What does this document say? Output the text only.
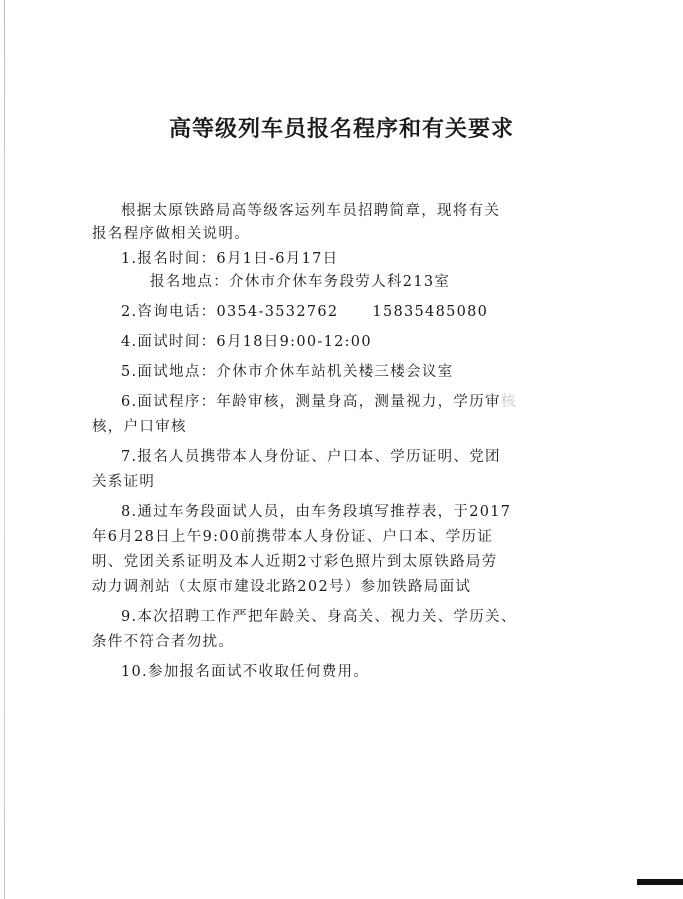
高等级列车员报名程序和有关要求
根据太原铁路局高等级客运列车员招聘简章，现将有关
报名程序做相关说明。
1.报名时间：6月1日-6月17日
报名地点：介休市介休车务段劳人科213室
2.咨询电话：0354-3532762 15835485080
4.面试时间：6月18日9:00-12:00
5.面试地点：介休市介休车站机关楼三楼会议室
6.面试程序：年龄审核，测量身高，测量视力，学历审核
核，户口审核
7.报名人员携带本人身份证、户口本、学历证明、党团
关系证明
8.通过车务段面试人员，由车务段填写推荐表，于2017
年6月28日上午9:00前携带本人身份证、户口本、学历证
明、党团关系证明及本人近期2寸彩色照片到太原铁路局劳
动力调剂站（太原市建设北路202号）参加铁路局面试
9.本次招聘工作严把年龄关、身高关、视力关、学历关、
条件不符合者勿扰。
10.参加报名面试不收取任何费用。
